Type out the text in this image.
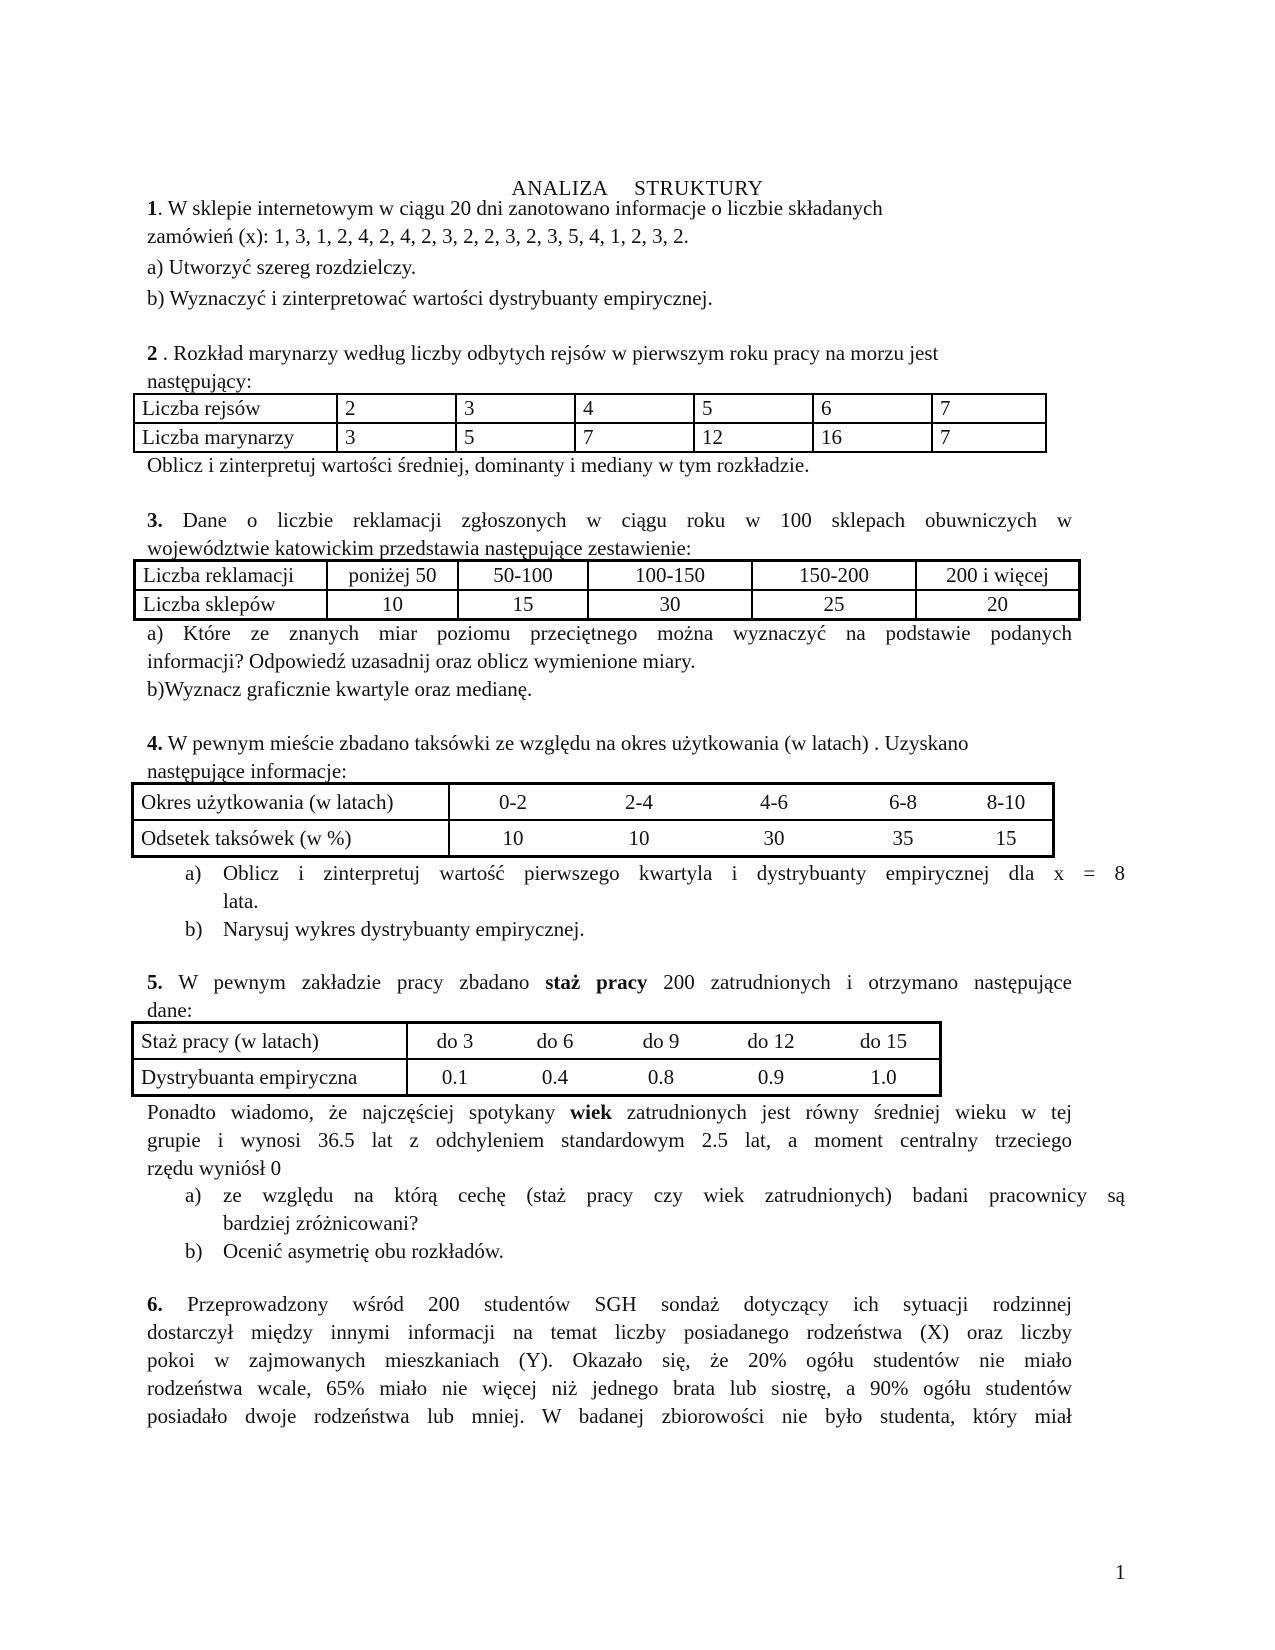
ANALIZA STRUKTURY

1. W sklepie internetowym w ciągu 20 dni zanotowano informacje o liczbie składanych

zamówień (x): 1, 3, 1, 2, 4, 2, 4, 2, 3, 2, 2, 3, 2, 3, 5, 4, 1, 2, 3, 2.

a) Utworzyć szereg rozdzielczy.

b) Wyznaczyć i zinterpretować wartości dystrybuanty empirycznej.

2 . Rozkład marynarzy według liczby odbytych rejsów w pierwszym roku pracy na morzu jest

następujący:

Liczba rejsów	2	3	4	5	6	7
Liczba marynarzy	3	5	7	12	16	7

Oblicz i zinterpretuj wartości średniej, dominanty i mediany w tym rozkładzie.

3. Dane o liczbie reklamacji zgłoszonych w ciągu roku w 100 sklepach obuwniczych w

województwie katowickim przedstawia następujące zestawienie:

Liczba reklamacji	poniżej 50	50-100	100-150	150-200	200 i więcej
Liczba sklepów	10	15	30	25	20

a) Które ze znanych miar poziomu przeciętnego można wyznaczyć na podstawie podanych

informacji? Odpowiedź uzasadnij oraz oblicz wymienione miary.

b)Wyznacz graficznie kwartyle oraz medianę.

4. W pewnym mieście zbadano taksówki ze względu na okres użytkowania (w latach) . Uzyskano

następujące informacje:

Okres użytkowania (w latach)	0-2	2-4	4-6	6-8	8-10
Odsetek taksówek (w %)	10	10	30	35	15
a) Oblicz i zinterpretuj wartość pierwszego kwartyla i dystrybuanty empirycznej dla x = 8

lata.

b) Narysuj wykres dystrybuanty empirycznej.

5. W pewnym zakładzie pracy zbadano staż pracy 200 zatrudnionych i otrzymano następujące

dane:

Staż pracy (w latach)	do 3	do 6	do 9	do 12	do 15
Dystrybuanta empiryczna	0.1	0.4	0.8	0.9	1.0

Ponadto wiadomo, że najczęściej spotykany wiek zatrudnionych jest równy średniej wieku w tej

grupie i wynosi 36.5 lat z odchyleniem standardowym 2.5 lat, a moment centralny trzeciego

rzędu wyniósł 0

a) ze względu na którą cechę (staż pracy czy wiek zatrudnionych) badani pracownicy są

bardziej zróżnicowani?

b) Ocenić asymetrię obu rozkładów.

6. Przeprowadzony wśród 200 studentów SGH sondaż dotyczący ich sytuacji rodzinnej

dostarczył między innymi informacji na temat liczby posiadanego rodzeństwa (X) oraz liczby

pokoi w zajmowanych mieszkaniach (Y). Okazało się, że 20% ogółu studentów nie miało

rodzeństwa wcale, 65% miało nie więcej niż jednego brata lub siostrę, a 90% ogółu studentów

posiadało dwoje rodzeństwa lub mniej. W badanej zbiorowości nie było studenta, który miał

1
